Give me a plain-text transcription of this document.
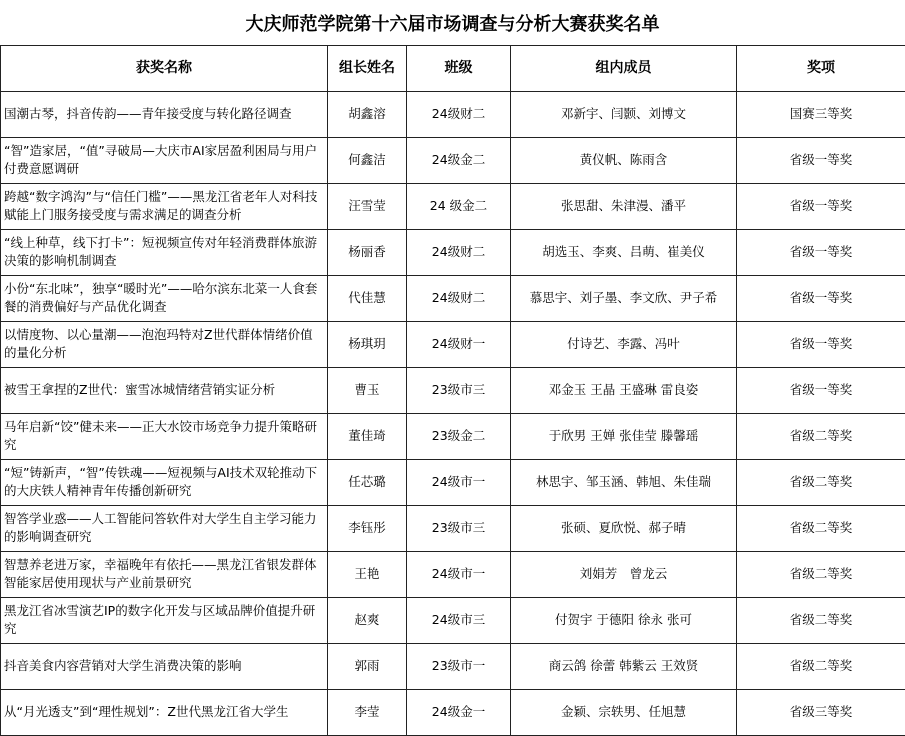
大庆师范学院第十六届市场调查与分析大赛获奖名单
获奖名称	组长姓名	班级	组内成员	奖项
国潮古琴，抖音传韵——青年接受度与转化路径调查	胡鑫溶	24级财二	邓新宇、闫颢、刘博文	国赛三等奖
“智”造家居，“值”寻破局—大庆市AI家居盈利困局与用户付费意愿调研	何鑫洁	24级金二	黄仪帆、陈雨含	省级一等奖
跨越“数字鸿沟”与“信任门槛”——黑龙江省老年人对科技赋能上门服务接受度与需求满足的调查分析	汪雪莹	24 级金二	张思甜、朱津漫、潘平	省级一等奖
“线上种草，线下打卡”：短视频宣传对年轻消费群体旅游决策的影响机制调查	杨丽香	24级财二	胡选玉、李爽、吕萌、崔美仪	省级一等奖
小份“东北味”，独享“暖时光”——哈尔滨东北菜一人食套餐的消费偏好与产品优化调查	代佳慧	24级财二	慕思宇、刘子墨、李文欣、尹子希	省级一等奖
以情度物、以心量潮——泡泡玛特对Z世代群体情绪价值的量化分析	杨琪玥	24级财一	付诗艺、李露、冯叶	省级一等奖
被雪王拿捏的Z世代：蜜雪冰城情绪营销实证分析	曹玉	23级市三	邓金玉 王晶 王盛琳 雷良姿	省级一等奖
马年启新“饺”健未来——正大水饺市场竞争力提升策略研究	董佳琦	23级金二	于欣男 王婵 张佳莹 滕馨瑶	省级二等奖
“短”铸新声，“智”传铁魂——短视频与AI技术双轮推动下的大庆铁人精神青年传播创新研究	任芯璐	24级市一	林思宇、邹玉涵、韩旭、朱佳瑞	省级二等奖
智答学业惑——人工智能问答软件对大学生自主学习能力的影响调查研究	李钰彤	23级市三	张硕、夏欣悦、郝子晴	省级二等奖
智慧养老进万家，幸福晚年有依托——黑龙江省银发群体智能家居使用现状与产业前景研究	王艳	24级市一	刘娟芳　曾龙云	省级二等奖
黑龙江省冰雪演艺IP的数字化开发与区域品牌价值提升研究	赵爽	24级市三	付贺宇 于德阳 徐永 张可	省级二等奖
抖音美食内容营销对大学生消费决策的影响	郭雨	23级市一	商云鸽 徐蕾 韩紫云 王效贤	省级二等奖
从“月光透支”到“理性规划”：Z世代黑龙江省大学生	李莹	24级金一	金颖、宗轶男、任旭慧	省级三等奖
